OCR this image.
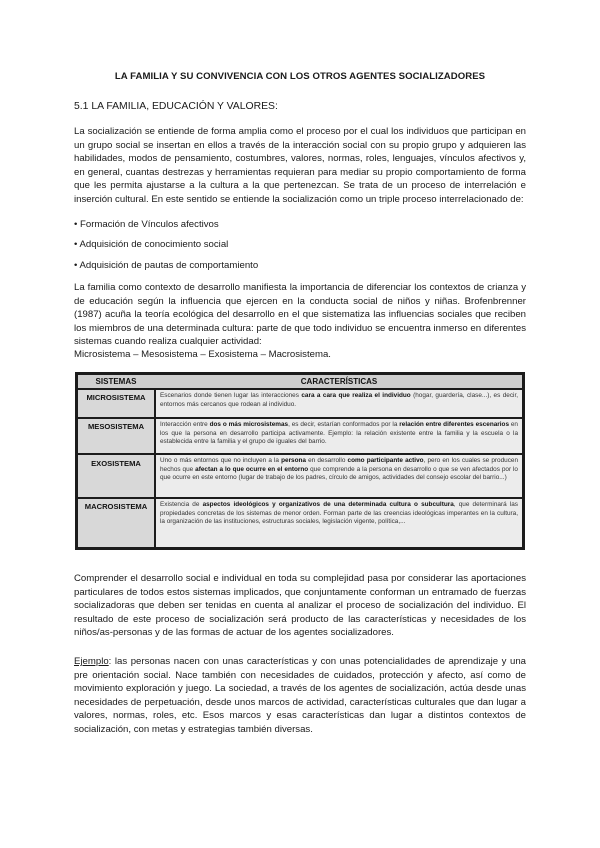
LA FAMILIA Y SU CONVIVENCIA CON LOS OTROS AGENTES SOCIALIZADORES
5.1 LA FAMILIA, EDUCACIÓN Y VALORES:

La socialización se entiende de forma amplia como el proceso por el cual los individuos que participan en un grupo social se insertan en ellos a través de la interacción social con su propio grupo y adquieren las habilidades, modos de pensamiento, costumbres, valores, normas, roles, lenguajes, vínculos afectivos y, en general, cuantas destrezas y herramientas requieran para mediar su propio comportamiento de forma que les permita ajustarse a la cultura a la que pertenezcan. Se trata de un proceso de interrelación e inserción cultural. En este sentido se entiende la socialización como un triple proceso interrelacionado de:

• Formación de Vínculos afectivos
• Adquisición de conocimiento social
• Adquisición de pautas de comportamiento

La familia como contexto de desarrollo manifiesta la importancia de diferenciar los contextos de crianza y de educación según la influencia que ejercen en la conducta social de niños y niñas. Brofenbrenner (1987) acuña la teoría ecológica del desarrollo en el que sistematiza las influencias sociales que reciben los miembros de una determinada cultura: parte de que todo individuo se encuentra inmerso en diferentes sistemas cuando realiza cualquier actividad:

Microsistema – Mesosistema – Exosistema – Macrosistema.
SISTEMAS	CARACTERÍSTICAS
MICROSISTEMA	Escenarios donde tienen lugar las interacciones cara a cara que realiza el individuo (hogar, guardería, clase...), es decir, entornos más cercanos que rodean al individuo.
MESOSISTEMA	Interacción entre dos o más microsistemas, es decir, estarían conformados por la relación entre diferentes escenarios en los que la persona en desarrollo participa activamente. Ejemplo: la relación existente entre la familia y la escuela o la establecida entre la familia y el grupo de iguales del barrio.
EXOSISTEMA	Uno o más entornos que no incluyen a la persona en desarrollo como participante activo, pero en los cuales se producen hechos que afectan a lo que ocurre en el entorno que comprende a la persona en desarrollo o que se ven afectados por lo que ocurre en este entorno (lugar de trabajo de los padres, círculo de amigos, actividades del consejo escolar del barrio...)
MACROSISTEMA	Existencia de aspectos ideológicos y organizativos de una determinada cultura o subcultura, que determinará las propiedades concretas de los sistemas de menor orden. Forman parte de las creencias ideológicas imperantes en la cultura, la organización de las instituciones, estructuras sociales, legislación vigente, política,...

Comprender el desarrollo social e individual en toda su complejidad pasa por considerar las aportaciones particulares de todos estos sistemas implicados, que conjuntamente conforman un entramado de fuerzas socializadoras que deben ser tenidas en cuenta al analizar el proceso de socialización del individuo. El resultado de este proceso de socialización será producto de las características y necesidades de los niños/as-personas y de las formas de actuar de los agentes socializadores.

Ejemplo: las personas nacen con unas características y con unas potencialidades de aprendizaje y una pre orientación social. Nace también con necesidades de cuidados, protección y afecto, así como de movimiento exploración y juego. La sociedad, a través de los agentes de socialización, actúa desde unas necesidades de perpetuación, desde unos marcos de actividad, características culturales que dan lugar a valores, normas, roles, etc. Esos marcos y esas características dan lugar a distintos contextos de socialización, con metas y estrategias también diversas.
